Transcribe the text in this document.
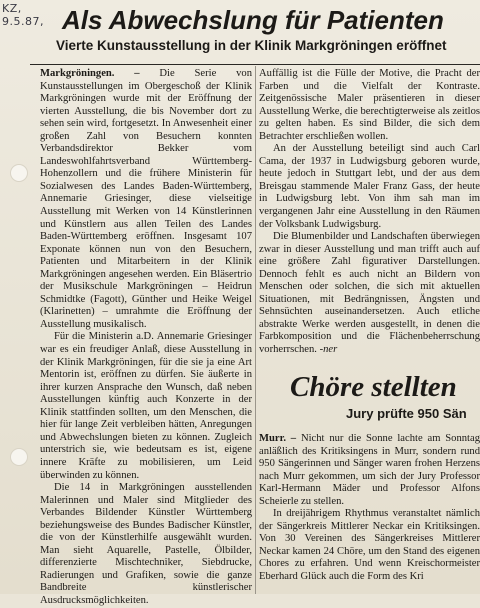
KZ,
9.5.87, Als Abwechslung für Patienten
Vierte Kunstausstellung in der Klinik Markgröningen eröffnet

Markgröningen. – Die Serie von Kunstausstellungen im Obergeschoß der Klinik Markgröningen wurde mit der Eröffnung der vierten Ausstellung, die bis November dort zu sehen sein wird, fortgesetzt. In Anwesenheit einer großen Zahl von Besuchern konnten Verbandsdirektor Bekker vom Landeswohlfahrtsverband Württemberg-Hohenzollern und die frühere Ministerin für Sozialwesen des Landes Baden-Württemberg, Annemarie Griesinger, diese vielseitige Ausstellung mit Werken von 14 Künstlerinnen und Künstlern aus allen Teilen des Landes Baden-Württemberg eröffnen. Insgesamt 107 Exponate können nun von den Besuchern, Patienten und Mitarbeitern in der Klinik Markgröningen angesehen werden. Ein Bläsertrio der Musikschule Markgröningen – Heidrun Schmidtke (Fagott), Günther und Heike Weigel (Klarinetten) – umrahmte die Eröffnung der Ausstellung musikalisch.

Für die Ministerin a.D. Annemarie Griesinger war es ein freudiger Anlaß, diese Ausstellung in der Klinik Markgröningen, für die sie ja eine Art Mentorin ist, eröffnen zu dürfen. Sie äußerte in ihrer kurzen Ansprache den Wunsch, daß neben Ausstellungen künftig auch Konzerte in der Klinik stattfinden sollten, um den Menschen, die hier für lange Zeit verbleiben hätten, Anregungen und Abwechslungen bieten zu können. Zugleich unterstrich sie, wie bedeutsam es ist, eigene innere Kräfte zu mobilisieren, um Leid überwinden zu können.

Die 14 in Markgröningen ausstellenden Malerinnen und Maler sind Mitglieder des Verbandes Bildender Künstler Württemberg beziehungsweise des Bundes Badischer Künstler, die von der Künstlerhilfe ausgewählt wurden. Man sieht Aquarelle, Pastelle, Ölbilder, differenzierte Mischtechniker, Siebdrucke, Radierungen und Grafiken, sowie die ganze Bandbreite künstlerischer Ausdrucksmöglichkeiten.

Auffällig ist die Fülle der Motive, die Pracht der Farben und die Vielfalt der Kontraste. Zeitgenössische Maler präsentieren in dieser Ausstellung Werke, die berechtigterweise als zeitlos zu gelten haben. Es sind Bilder, die sich dem Betrachter erschließen wollen.

An der Ausstellung beteiligt sind auch Carl Cama, der 1937 in Ludwigsburg geboren wurde, heute jedoch in Stuttgart lebt, und der aus dem Breisgau stammende Maler Franz Gass, der heute in Ludwigsburg lebt. Von ihm sah man im vergangenen Jahr eine Ausstellung in den Räumen der Volksbank Ludwigsburg.

Die Blumenbilder und Landschaften überwiegen zwar in dieser Ausstellung und man trifft auch auf eine größere Zahl figurativer Darstellungen. Dennoch fehlt es auch nicht an Bildern von Menschen oder solchen, die sich mit aktuellen Situationen, mit Bedrängnissen, Ängsten und Sehnsüchten auseinandersetzen. Auch etliche abstrakte Werke werden ausgestellt, in denen die Farbkomposition und die Flächenbeherrschung vorherrschen. -ner

Chöre stellten
Jury prüfte 950 Sän

Murr. – Nicht nur die Sonne lachte am Sonntag anläßlich des Kritiksingens in Murr, sondern rund 950 Sängerinnen und Sänger waren frohen Herzens nach Murr gekommen, um sich der Jury Professor Karl-Hermann Mäder und Professor Alfons Scheierle zu stellen.

In dreijährigem Rhythmus veranstaltet nämlich der Sängerkreis Mittlerer Neckar ein Kritiksingen. Von 30 Vereinen des Sängerkreises Mittlerer Neckar kamen 24 Chöre, um den Stand des eigenen Chores zu erfahren. Und wenn Kreischormeister Eberhard Glück auch die Form des Kri
